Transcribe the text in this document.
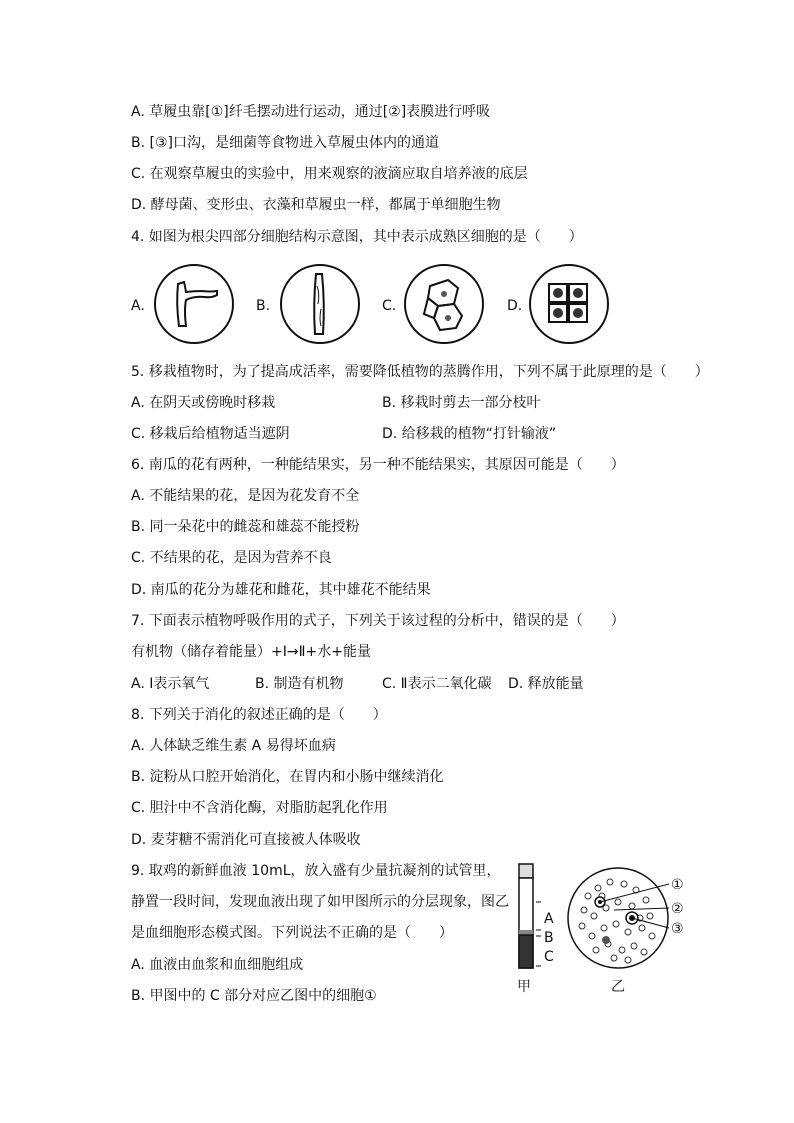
A. 草履虫靠[①]纤毛摆动进行运动，通过[②]表膜进行呼吸
B. [③]口沟，是细菌等食物进入草履虫体内的通道
C. 在观察草履虫的实验中，用来观察的液滴应取自培养液的底层
D. 酵母菌、变形虫、衣藻和草履虫一样，都属于单细胞生物
4. 如图为根尖四部分细胞结构示意图，其中表示成熟区细胞的是（　　）
A.	B.	C.	D.
5. 移栽植物时，为了提高成活率，需要降低植物的蒸腾作用，下列不属于此原理的是（　　）
A. 在阴天或傍晚时移栽	B. 移栽时剪去一部分枝叶
C. 移栽后给植物适当遮阴	D. 给移栽的植物“打针输液”
6. 南瓜的花有两种，一种能结果实，另一种不能结果实，其原因可能是（　　）
A. 不能结果的花，是因为花发育不全
B. 同一朵花中的雌蕊和雄蕊不能授粉
C. 不结果的花，是因为营养不良
D. 南瓜的花分为雄花和雌花，其中雄花不能结果
7. 下面表示植物呼吸作用的式子，下列关于该过程的分析中，错误的是（　　）
有机物（储存着能量）+Ⅰ→Ⅱ+水+能量
A. Ⅰ表示氧气	B. 制造有机物	C. Ⅱ表示二氧化碳 D. 释放能量
8. 下列关于消化的叙述正确的是（　　）
A. 人体缺乏维生素 A 易得坏血病
B. 淀粉从口腔开始消化，在胃内和小肠中继续消化
C. 胆汁中不含消化酶，对脂肪起乳化作用
D. 麦芽糖不需消化可直接被人体吸收
9. 取鸡的新鲜血液 10mL，放入盛有少量抗凝剂的试管里，
静置一段时间，发现血液出现了如甲图所示的分层现象，图乙
是血细胞形态模式图。下列说法不正确的是（　　）
A. 血液由血浆和血细胞组成
B. 甲图中的 C 部分对应乙图中的细胞①
A
B
C
甲
①
②
③
乙
